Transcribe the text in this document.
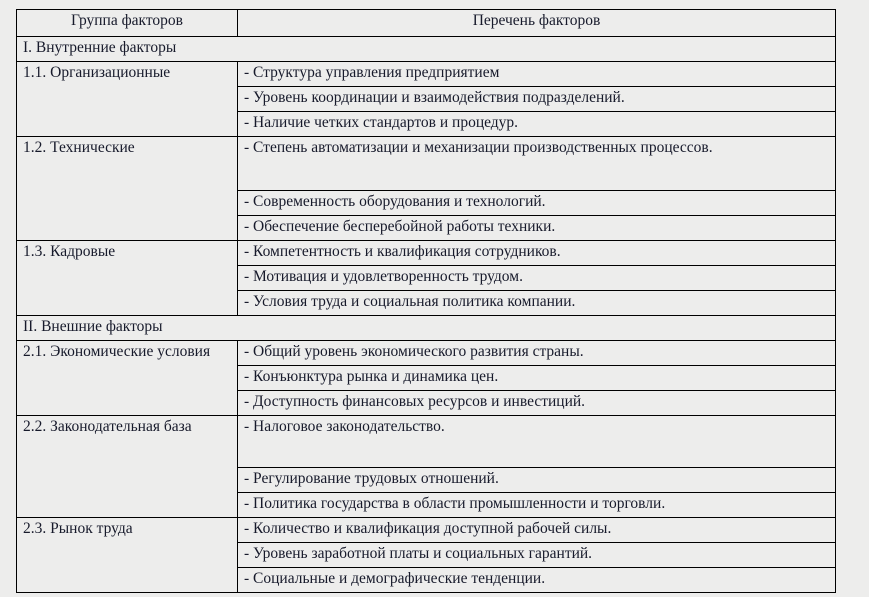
Группа факторов	Перечень факторов
I. Внутренние факторы	
1.1. Организационные	- Структура управления предприятием
	- Уровень координации и взаимодействия подразделений.
	- Наличие четких стандартов и процедур.
1.2. Технические	- Степень автоматизации и механизации производственных процессов.
	- Современность оборудования и технологий.
	- Обеспечение бесперебойной работы техники.
1.3. Кадровые	- Компетентность и квалификация сотрудников.
	- Мотивация и удовлетворенность трудом.
	- Условия труда и социальная политика компании.
II. Внешние факторы	
2.1. Экономические условия	- Общий уровень экономического развития страны.
	- Конъюнктура рынка и динамика цен.
	- Доступность финансовых ресурсов и инвестиций.
2.2. Законодательная база	- Налоговое законодательство.
	- Регулирование трудовых отношений.
	- Политика государства в области промышленности и торговли.
2.3. Рынок труда	- Количество и квалификация доступной рабочей силы.
	- Уровень заработной платы и социальных гарантий.
	- Социальные и демографические тенденции.
